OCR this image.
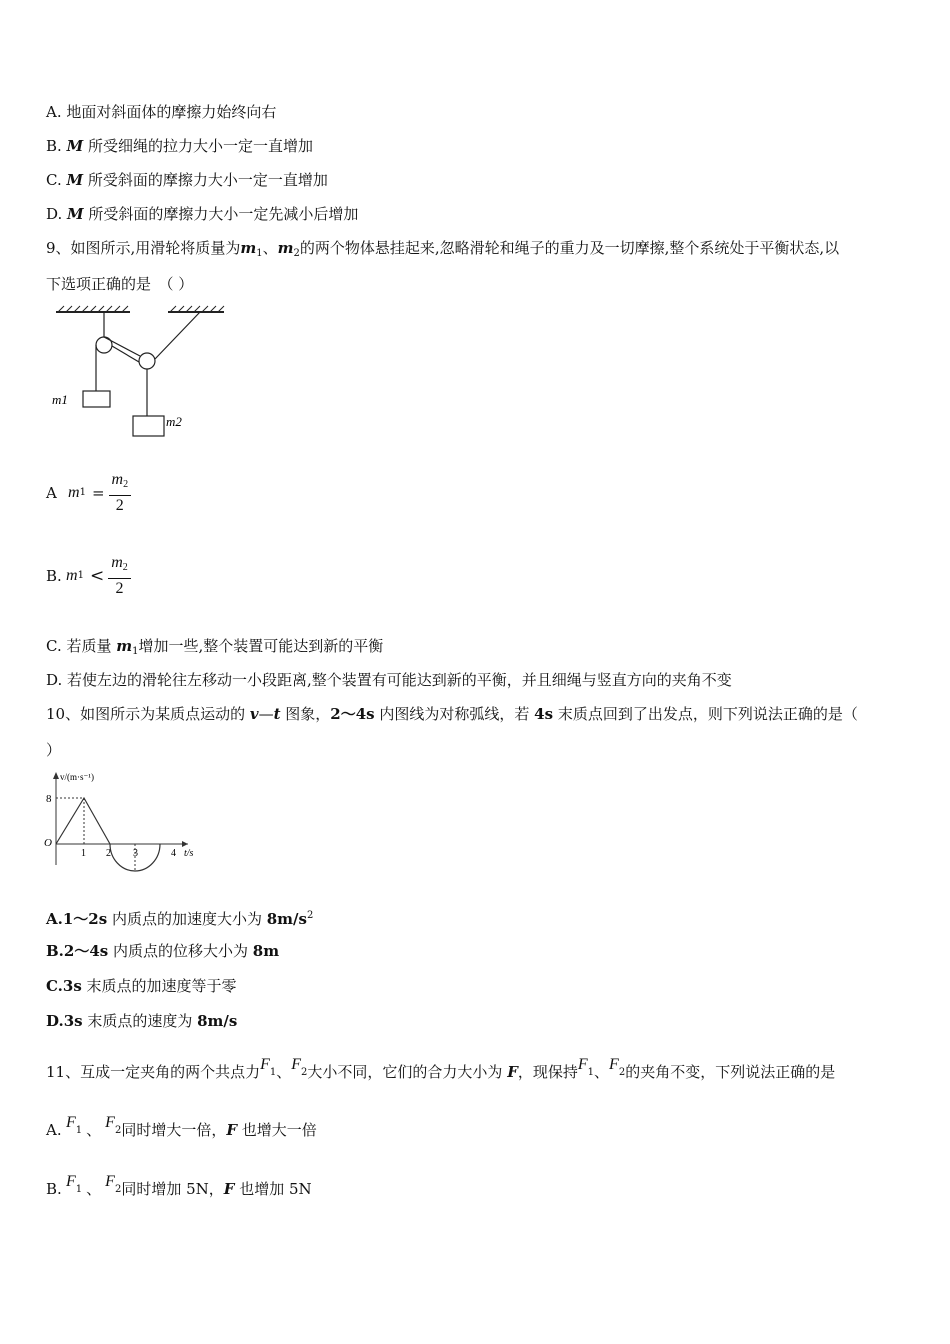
A. 地面对斜面体的摩擦力始终向右
B. M 所受细绳的拉力大小一定一直增加
C. M 所受斜面的摩擦力大小一定一直增加
D. M 所受斜面的摩擦力大小一定先减小后增加
9、如图所示,用滑轮将质量为$m_1$、$m_2$的两个物体悬挂起来,忽略滑轮和绳子的重力及一切摩擦,整个系统处于平衡状态,以
下选项正确的是　（ ）
m1
m2
A $m1 = \frac{m_2}{2}$
B. $m1 < \frac{m_2}{2}$
C. 若质量 $m_1$增加一些,整个装置可能达到新的平衡
D. 若使左边的滑轮往左移动一小段距离,整个装置有可能达到新的平衡，并且细绳与竖直方向的夹角不变
10、如图所示为某质点运动的 v—t 图象，2～4s 内图线为对称弧线，若 4s 末质点回到了出发点，则下列说法正确的是（
）
v/(m·s⁻¹)
8
O
1 2 3	4 t/s
A.1～2s 内质点的加速度大小为 $8m/s^2$
B.2～4s 内质点的位移大小为 8m
C.3s 末质点的加速度等于零
D.3s 末质点的速度为 8m/s
11、互成一定夹角的两个共点力$F^1$、$F^2$大小不同，它们的合力大小为 F，现保持$F^1$、$F^2$的夹角不变，下列说法正确的是
A. $F^1$ 、 $F^2$同时增大一倍，F 也增大一倍
B. $F^1$ 、 $F^2$同时增加 5N，F 也增加 5N
